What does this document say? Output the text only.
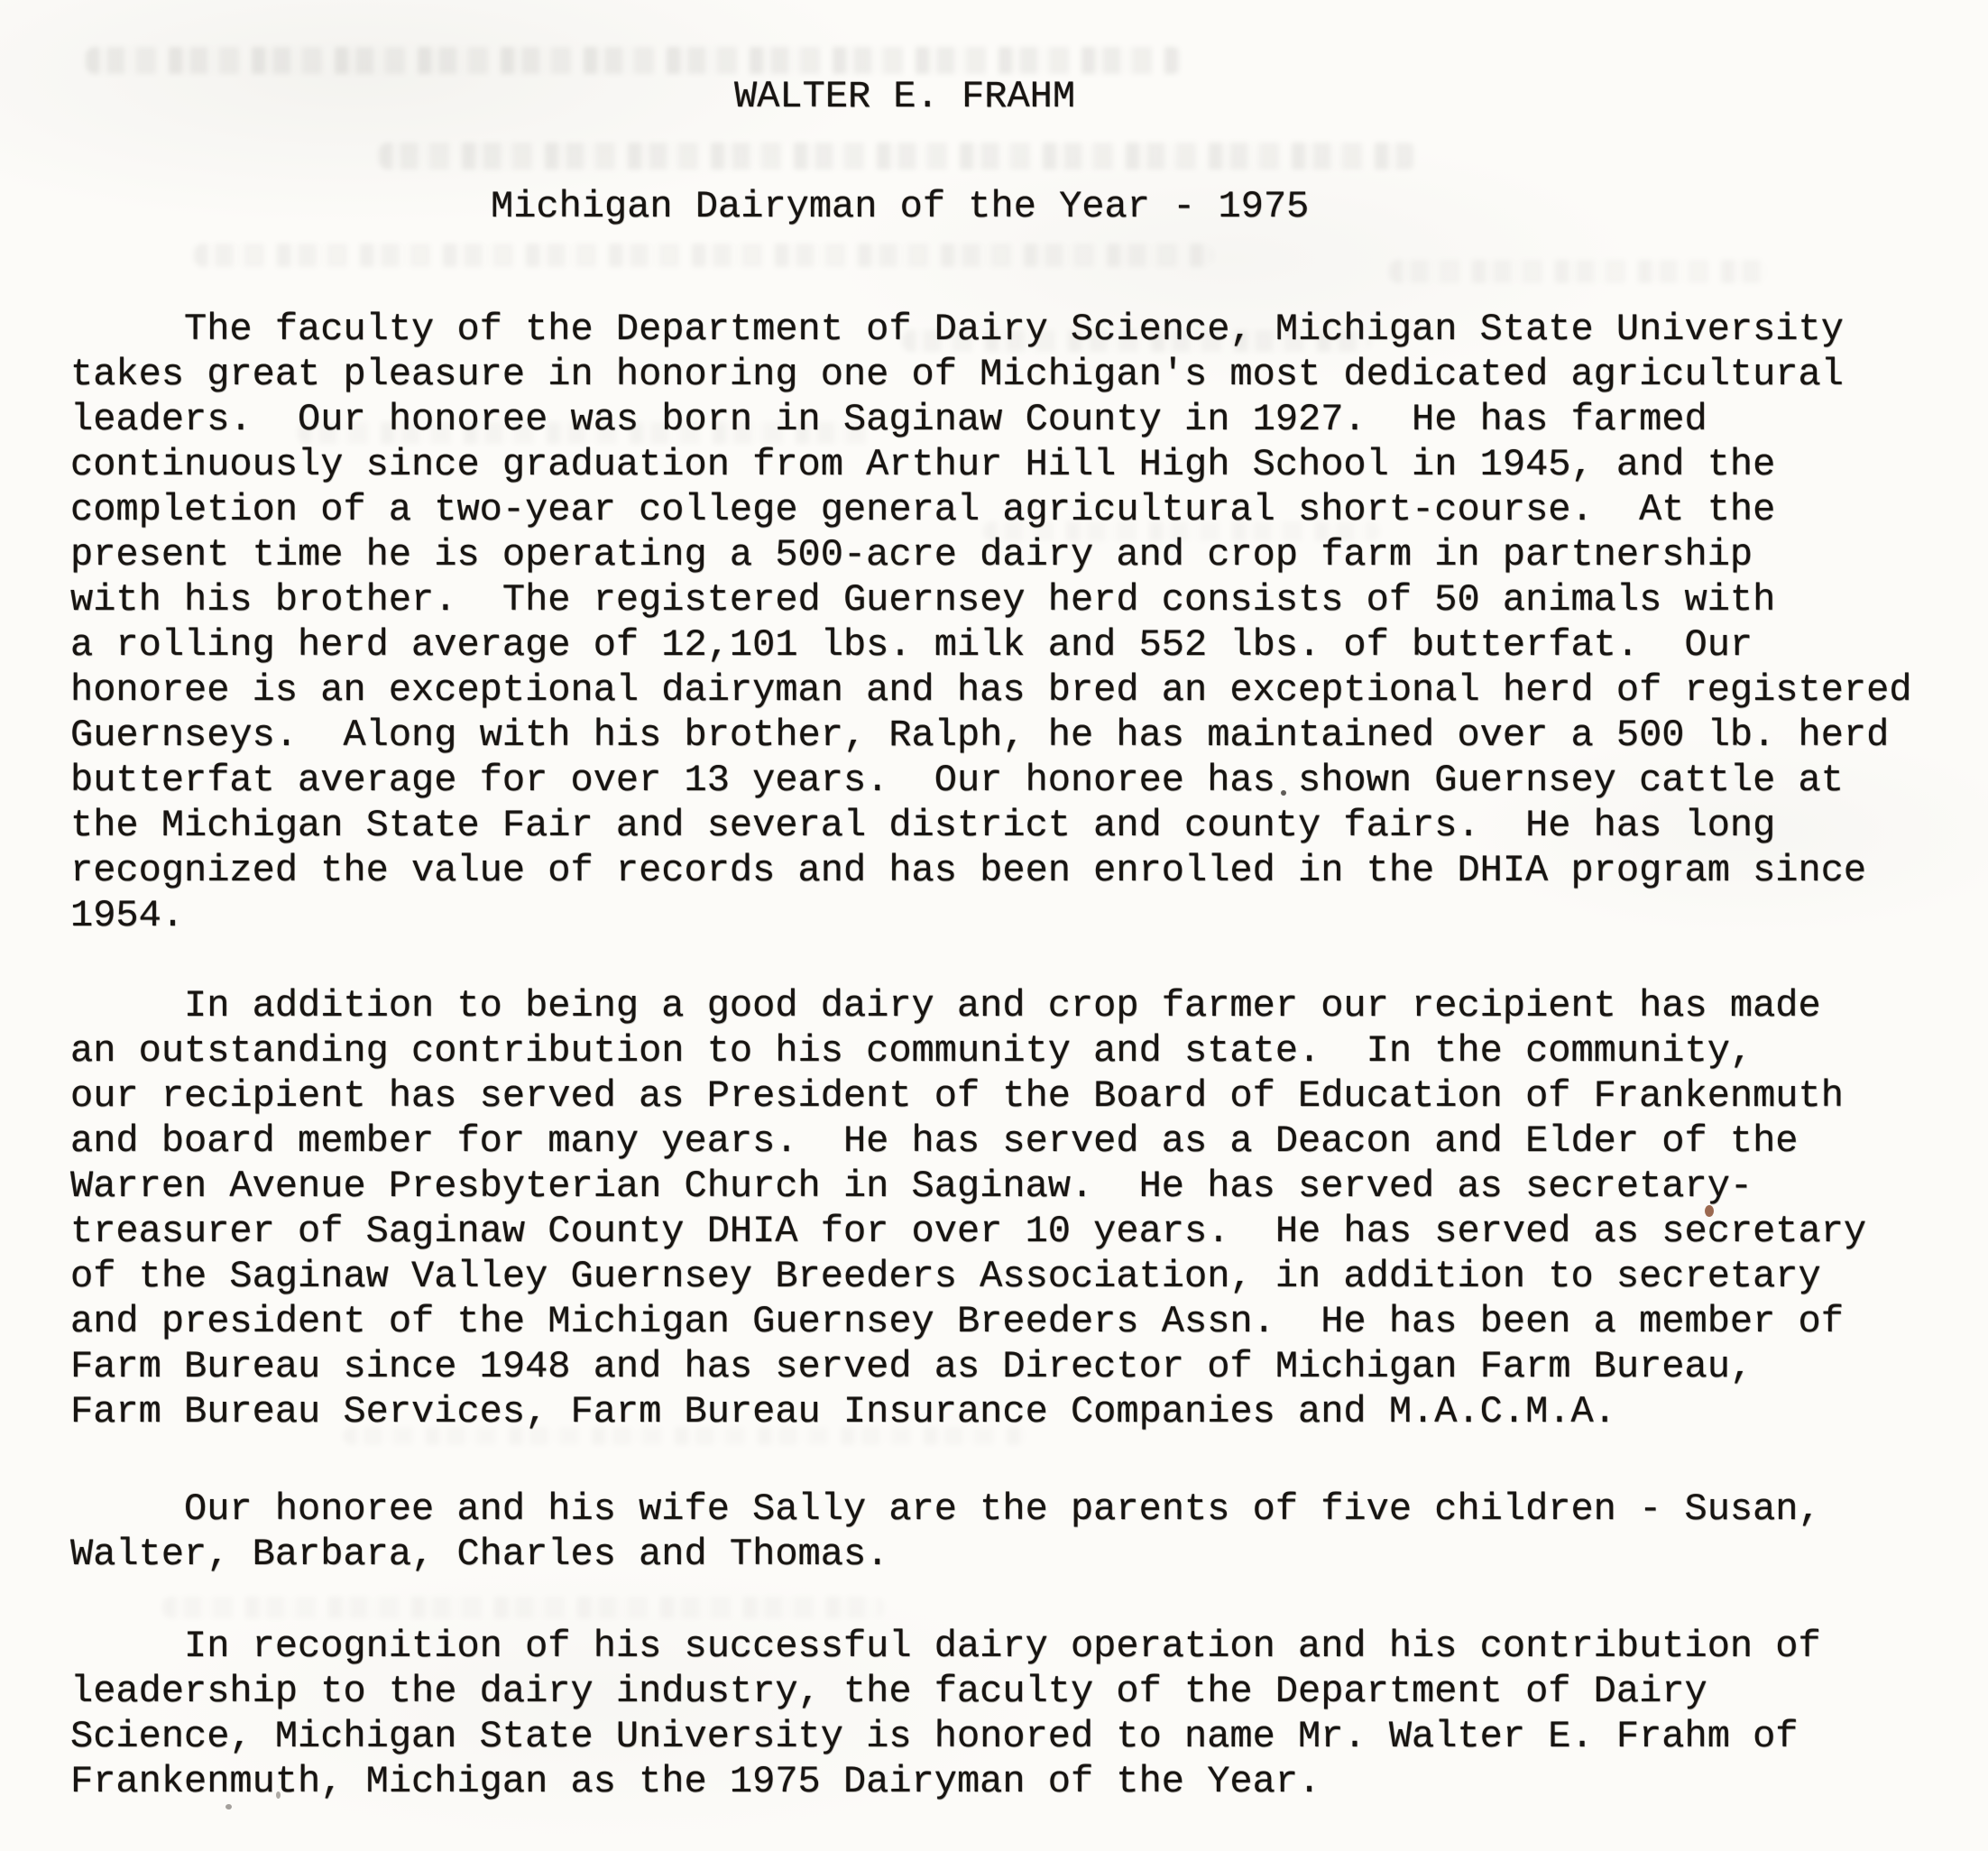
WALTER E. FRAHM
Michigan Dairyman of the Year - 1975
The faculty of the Department of Dairy Science, Michigan State University
takes great pleasure in honoring one of Michigan's most dedicated agricultural
leaders.  Our honoree was born in Saginaw County in 1927.  He has farmed
continuously since graduation from Arthur Hill High School in 1945, and the
completion of a two-year college general agricultural short-course.  At the
present time he is operating a 500-acre dairy and crop farm in partnership
with his brother.  The registered Guernsey herd consists of 50 animals with
a rolling herd average of 12,101 lbs. milk and 552 lbs. of butterfat.  Our
honoree is an exceptional dairyman and has bred an exceptional herd of registered
Guernseys.  Along with his brother, Ralph, he has maintained over a 500 lb. herd
butterfat average for over 13 years.  Our honoree has shown Guernsey cattle at
the Michigan State Fair and several district and county fairs.  He has long
recognized the value of records and has been enrolled in the DHIA program since
1954.
In addition to being a good dairy and crop farmer our recipient has made
an outstanding contribution to his community and state.  In the community,
our recipient has served as President of the Board of Education of Frankenmuth
and board member for many years.  He has served as a Deacon and Elder of the
Warren Avenue Presbyterian Church in Saginaw.  He has served as secretary-
treasurer of Saginaw County DHIA for over 10 years.  He has served as secretary
of the Saginaw Valley Guernsey Breeders Association, in addition to secretary
and president of the Michigan Guernsey Breeders Assn.  He has been a member of
Farm Bureau since 1948 and has served as Director of Michigan Farm Bureau,
Farm Bureau Services, Farm Bureau Insurance Companies and M.A.C.M.A.
Our honoree and his wife Sally are the parents of five children - Susan,
Walter, Barbara, Charles and Thomas.
In recognition of his successful dairy operation and his contribution of
leadership to the dairy industry, the faculty of the Department of Dairy
Science, Michigan State University is honored to name Mr. Walter E. Frahm of
Frankenmuth, Michigan as the 1975 Dairyman of the Year.
